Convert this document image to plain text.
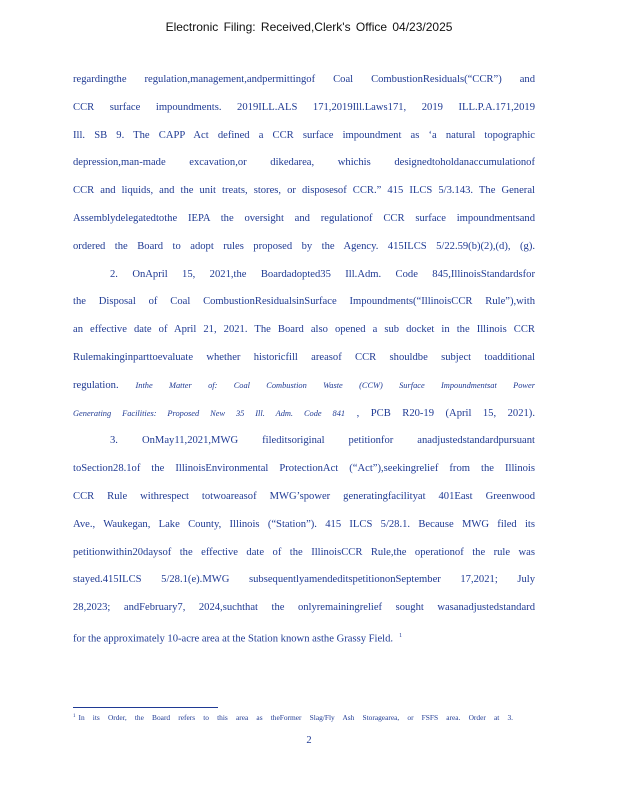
Electronic Filing: Received,Clerk's Office 04/23/2025
regardingthe regulation,management,andpermittingof Coal CombustionResiduals(“CCR”) and
CCR surface impoundments. 2019ILL.ALS 171,2019Ill.Laws171, 2019 ILL.P.A.171,2019
Ill. SB 9. The CAPP Act defined a CCR surface impoundment as ‘a natural topographic
depression,man-made excavation,or dikedarea, whichis designedtoholdanaccumulationof
CCR and liquids, and the unit treats, stores, or disposesof CCR.” 415 ILCS 5/3.143. The General
Assemblydelegatedtothe IEPA the oversight and regulationof CCR surface impoundmentsand
ordered the Board to adopt rules proposed by the Agency. 415ILCS 5/22.59(b)(2),(d), (g).
2. OnApril 15, 2021,the Boardadopted35 Ill.Adm. Code 845,IllinoisStandardsfor
the Disposal of Coal CombustionResidualsinSurface Impoundments(“IllinoisCCR Rule”),with
an effective date of April 21, 2021. The Board also opened a sub docket in the Illinois CCR
Rulemakinginparttoevaluate whether historicfill areasof CCR shouldbe subject toadditional
regulation. Inthe Matter of: Coal Combustion Waste (CCW) Surface Impoundmentsat Power
Generating Facilities: Proposed New 35 Ill. Adm. Code 841 , PCB R20-19 (April 15, 2021).
3. OnMay11,2021,MWG fileditsoriginal petitionfor anadjustedstandardpursuant
toSection28.1of the IllinoisEnvironmental ProtectionAct (“Act”),seekingrelief from the Illinois
CCR Rule withrespect totwoareasof MWG’spower generatingfacilityat 401East Greenwood
Ave., Waukegan, Lake County, Illinois (“Station”). 415 ILCS 5/28.1. Because MWG filed its
petitionwithin20daysof the effective date of the IllinoisCCR Rule,the operationof the rule was
stayed.415ILCS 5/28.1(e).MWG subsequentlyamendeditspetitiononSeptember 17,2021; July
28,2023; andFebruary7, 2024,suchthat the onlyremainingrelief sought wasanadjustedstandard
for the approximately 10-acre area at the Station known asthe Grassy Field. $^1$
$^1$ In its Order, the Board refers to this area as theFormer Slag/Fly Ash Storagearea, or FSFS area. Order at 3.
2
